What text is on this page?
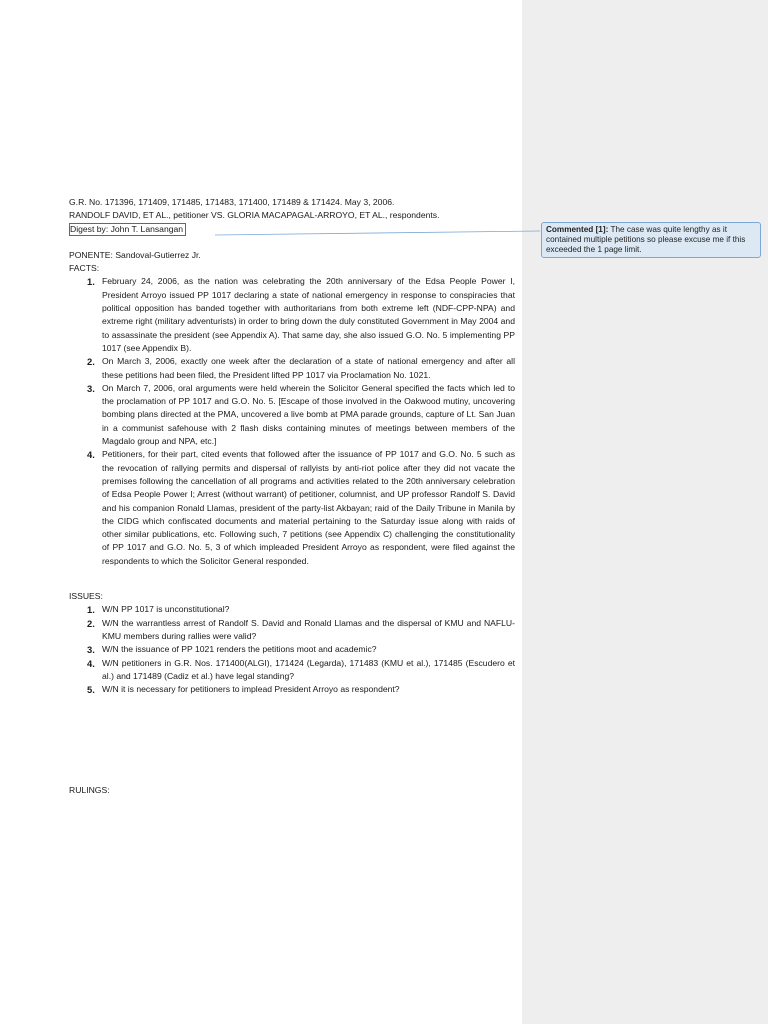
G.R. No. 171396, 171409, 171485, 171483, 171400, 171489 & 171424. May 3, 2006.

RANDOLF DAVID, ET AL., petitioner VS. GLORIA MACAPAGAL-ARROYO, ET AL., respondents.

Digest by: John T. Lansangan

PONENTE: Sandoval-Gutierrez Jr.

FACTS:

1. February 24, 2006, as the nation was celebrating the 20th anniversary of the Edsa People Power I, President Arroyo issued PP 1017 declaring a state of national emergency in response to conspiracies that political opposition has banded together with authoritarians from both extreme left (NDF-CPP-NPA) and extreme right (military adventurists) in order to bring down the duly constituted Government in May 2004 and to assassinate the president (see Appendix A). That same day, she also issued G.O. No. 5 implementing PP 1017 (see Appendix B).
2. On March 3, 2006, exactly one week after the declaration of a state of national emergency and after all these petitions had been filed, the President lifted PP 1017 via Proclamation No. 1021.
3. On March 7, 2006, oral arguments were held wherein the Solicitor General specified the facts which led to the proclamation of PP 1017 and G.O. No. 5. [Escape of those involved in the Oakwood mutiny, uncovering bombing plans directed at the PMA, uncovered a live bomb at PMA parade grounds, capture of Lt. San Juan in a communist safehouse with 2 flash disks containing minutes of meetings between members of the Magdalo group and NPA, etc.]
4. Petitioners, for their part, cited events that followed after the issuance of PP 1017 and G.O. No. 5 such as the revocation of rallying permits and dispersal of rallyists by anti-riot police after they did not vacate the premises following the cancellation of all programs and activities related to the 20th anniversary celebration of Edsa People Power I; Arrest (without warrant) of petitioner, columnist, and UP professor Randolf S. David and his companion Ronald Llamas, president of the party-list Akbayan; raid of the Daily Tribune in Manila by the CIDG which confiscated documents and material pertaining to the Saturday issue along with raids of other similar publications, etc. Following such, 7 petitions (see Appendix C) challenging the constitutionality of PP 1017 and G.O. No. 5, 3 of which impleaded President Arroyo as respondent, were filed against the respondents to which the Solicitor General responded.

ISSUES:

1. W/N PP 1017 is unconstitutional?
2. W/N the warrantless arrest of Randolf S. David and Ronald Llamas and the dispersal of KMU and NAFLU-KMU members during rallies were valid?
3. W/N the issuance of PP 1021 renders the petitions moot and academic?
4. W/N petitioners in G.R. Nos. 171400(ALGI), 171424 (Legarda), 171483 (KMU et al.), 171485 (Escudero et al.) and 171489 (Cadiz et al.) have legal standing?
5. W/N it is necessary for petitioners to implead President Arroyo as respondent?

RULINGS:

Commented [1]: The case was quite lengthy as it contained multiple petitions so please excuse me if this exceeded the 1 page limit.
